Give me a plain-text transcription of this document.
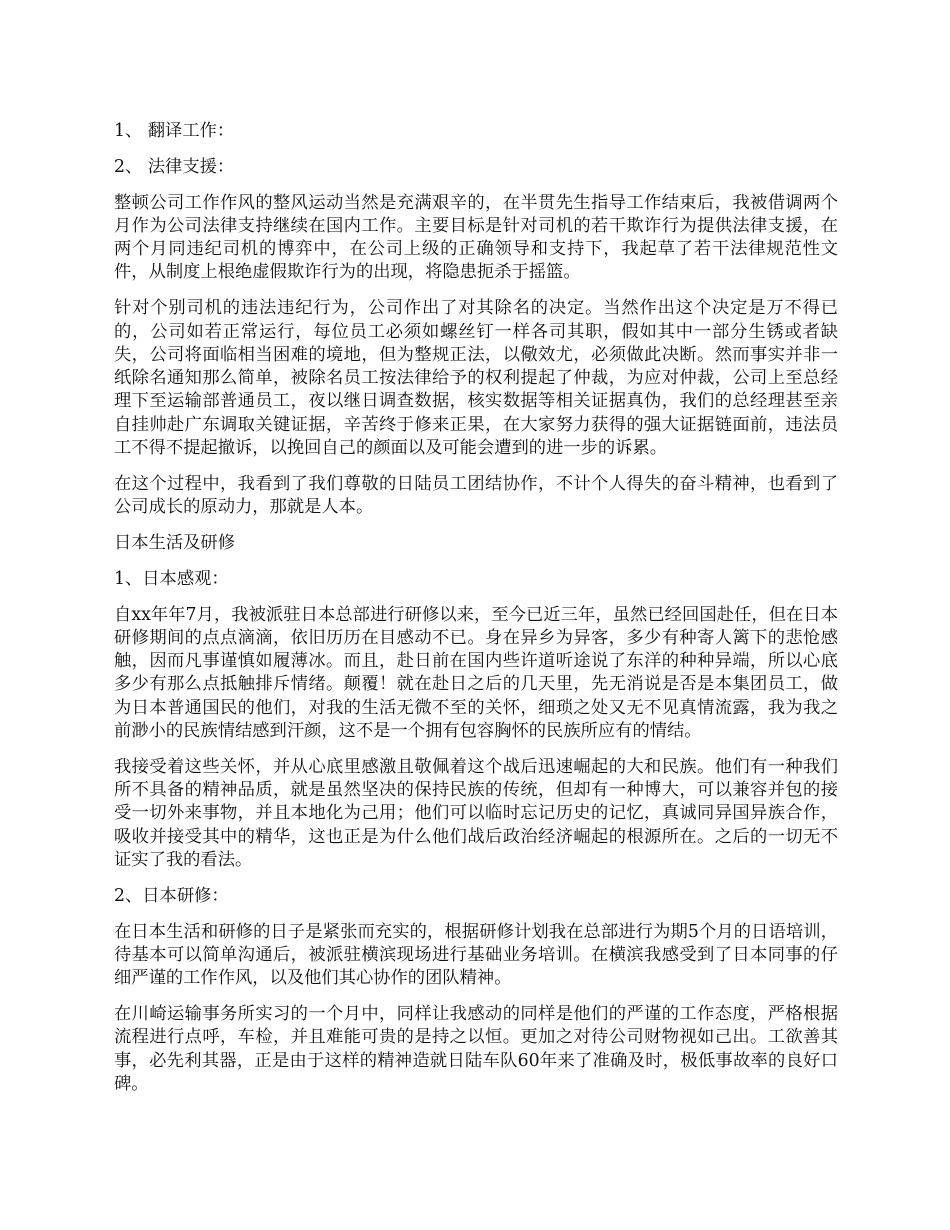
1、 翻译工作：

2、 法律支援：

整顿公司工作作风的整风运动当然是充满艰辛的，在半贯先生指导工作结束后，我被借调两个月作为公司法律支持继续在国内工作。主要目标是针对司机的若干欺诈行为提供法律支援，在两个月同违纪司机的博弈中，在公司上级的正确领导和支持下，我起草了若干法律规范性文件，从制度上根绝虚假欺诈行为的出现，将隐患扼杀于摇篮。

针对个别司机的违法违纪行为，公司作出了对其除名的决定。当然作出这个决定是万不得已的，公司如若正常运行，每位员工必须如螺丝钉一样各司其职，假如其中一部分生锈或者缺失，公司将面临相当困难的境地，但为整规正法，以儆效尤，必须做此决断。然而事实并非一纸除名通知那么简单，被除名员工按法律给予的权利提起了仲裁，为应对仲裁，公司上至总经理下至运输部普通员工，夜以继日调查数据，核实数据等相关证据真伪，我们的总经理甚至亲自挂帅赴广东调取关键证据，辛苦终于修来正果，在大家努力获得的强大证据链面前，违法员工不得不提起撤诉，以挽回自己的颜面以及可能会遭到的进一步的诉累。

在这个过程中，我看到了我们尊敬的日陆员工团结协作，不计个人得失的奋斗精神，也看到了公司成长的原动力，那就是人本。

日本生活及研修

1、日本感观：

自xx年年7月，我被派驻日本总部进行研修以来，至今已近三年，虽然已经回国赴任，但在日本研修期间的点点滴滴，依旧历历在目感动不已。身在异乡为异客，多少有种寄人篱下的悲怆感触，因而凡事谨慎如履薄冰。而且，赴日前在国内些许道听途说了东洋的种种异端，所以心底多少有那么点抵触排斥情绪。颠覆！就在赴日之后的几天里，先无消说是否是本集团员工，做为日本普通国民的他们，对我的生活无微不至的关怀，细琐之处又无不见真情流露，我为我之前渺小的民族情结感到汗颜，这不是一个拥有包容胸怀的民族所应有的情结。

我接受着这些关怀，并从心底里感激且敬佩着这个战后迅速崛起的大和民族。他们有一种我们所不具备的精神品质，就是虽然坚决的保持民族的传统，但却有一种博大，可以兼容并包的接受一切外来事物，并且本地化为己用；他们可以临时忘记历史的记忆，真诚同异国异族合作，吸收并接受其中的精华，这也正是为什么他们战后政治经济崛起的根源所在。之后的一切无不证实了我的看法。

2、日本研修：

在日本生活和研修的日子是紧张而充实的，根据研修计划我在总部进行为期5个月的日语培训，待基本可以简单沟通后，被派驻横滨现场进行基础业务培训。在横滨我感受到了日本同事的仔细严谨的工作作风，以及他们其心协作的团队精神。

在川崎运输事务所实习的一个月中，同样让我感动的同样是他们的严谨的工作态度，严格根据流程进行点呼，车检，并且难能可贵的是持之以恒。更加之对待公司财物视如己出。工欲善其事，必先利其器，正是由于这样的精神造就日陆车队60年来了准确及时，极低事故率的良好口碑。
